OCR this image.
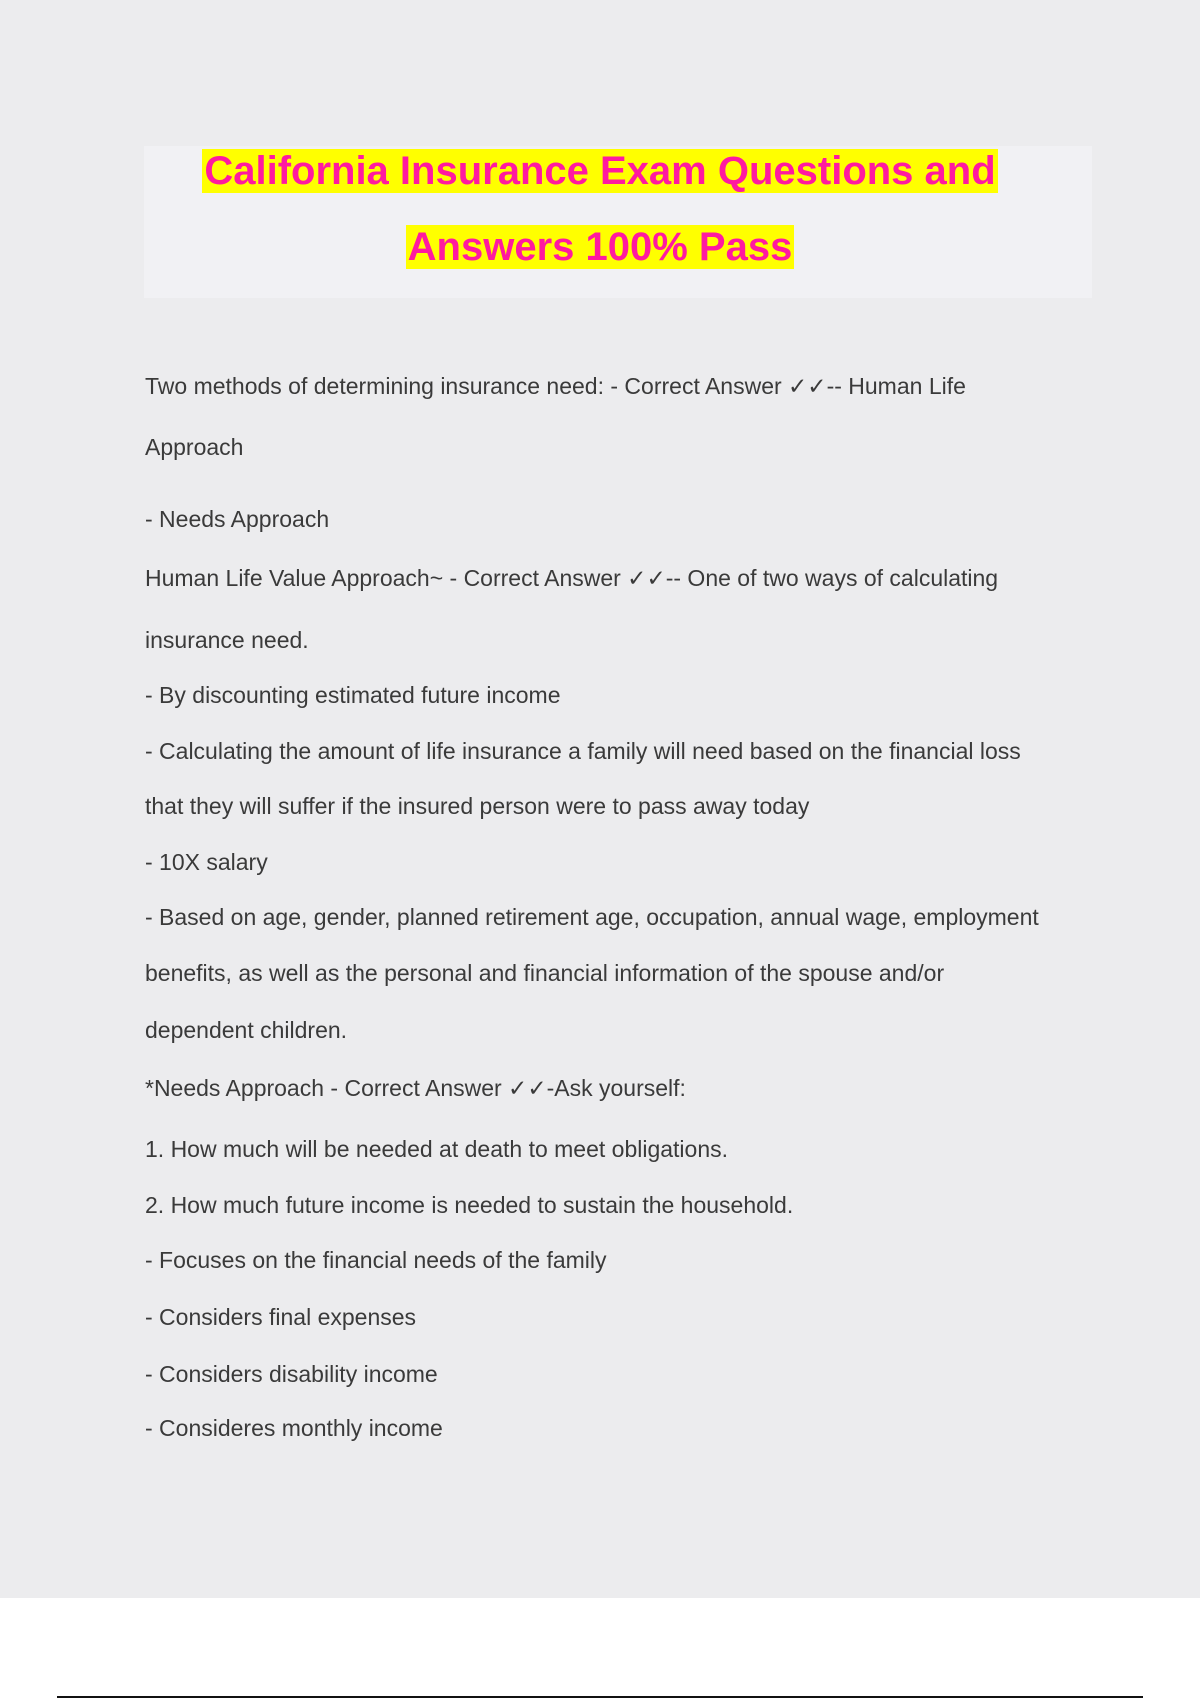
California Insurance Exam Questions and
Answers 100% Pass
Two methods of determining insurance need: - Correct Answer ✓✓-- Human Life
Approach
- Needs Approach
Human Life Value Approach~ - Correct Answer ✓✓-- One of two ways of calculating
insurance need.
- By discounting estimated future income
- Calculating the amount of life insurance a family will need based on the financial loss
that they will suffer if the insured person were to pass away today
- 10X salary
- Based on age, gender, planned retirement age, occupation, annual wage, employment
benefits, as well as the personal and financial information of the spouse and/or
dependent children.
*Needs Approach - Correct Answer ✓✓-Ask yourself:
1. How much will be needed at death to meet obligations.
2. How much future income is needed to sustain the household.
- Focuses on the financial needs of the family
- Considers final expenses
- Considers disability income
- Consideres monthly income
